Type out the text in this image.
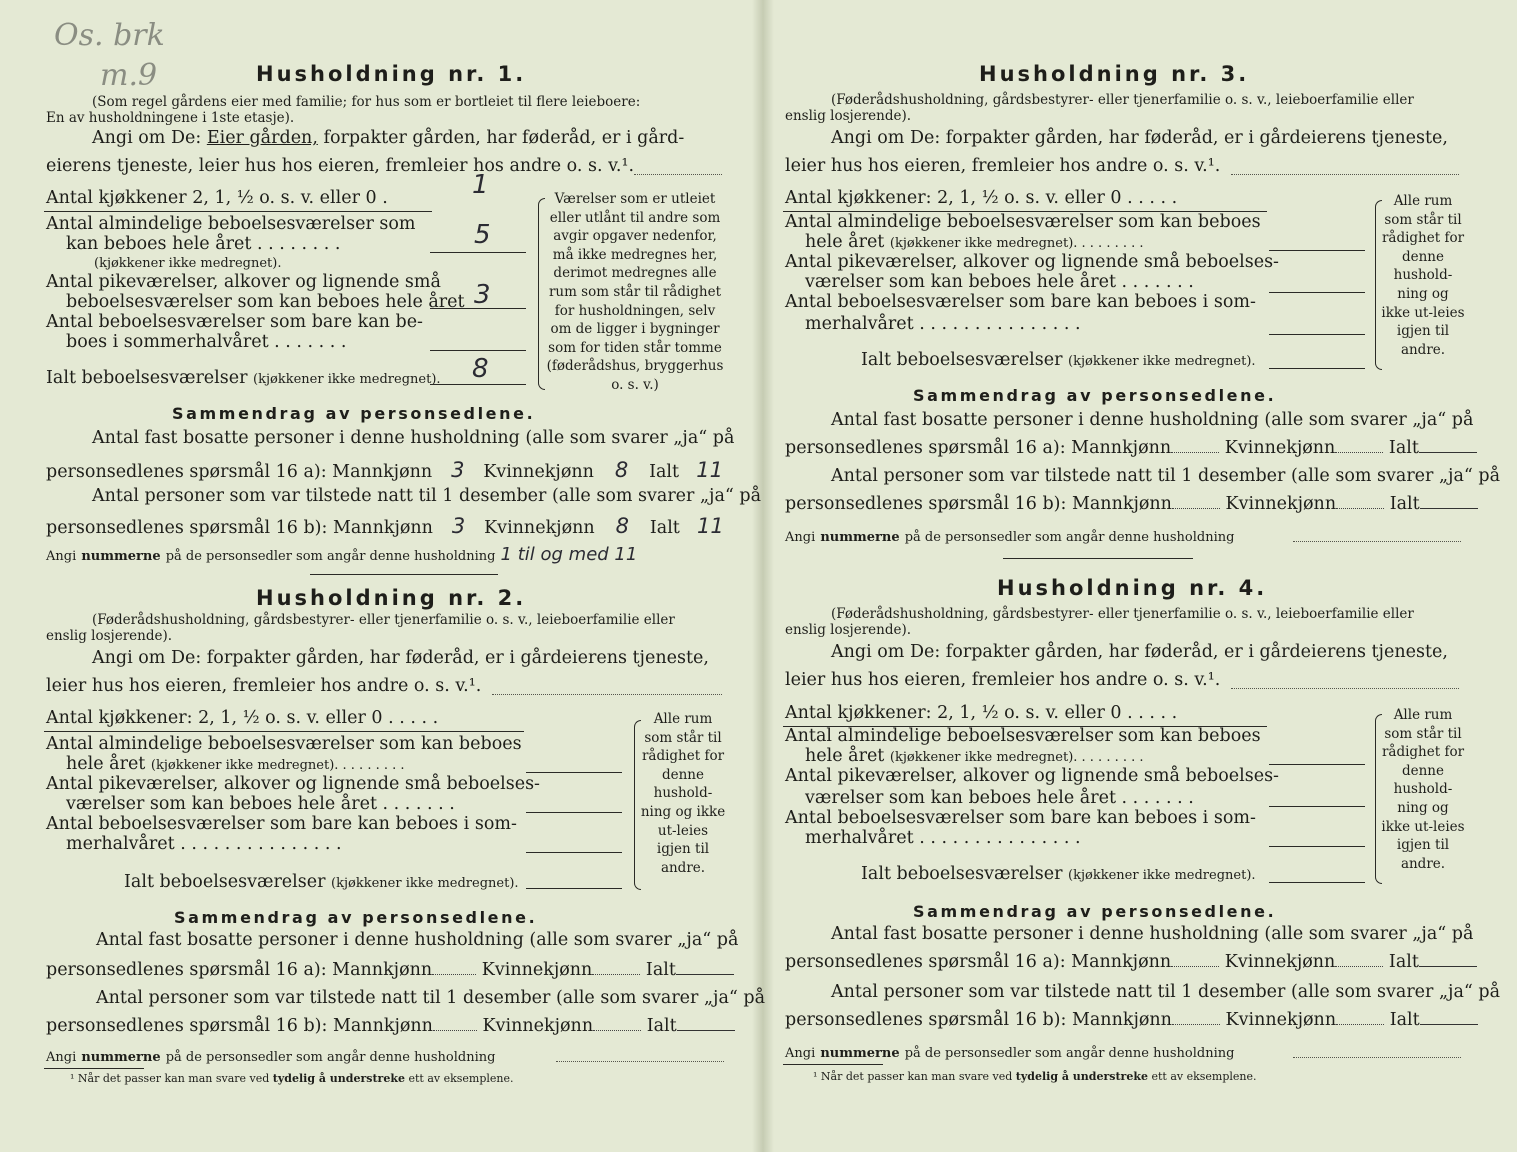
Os. brk
m.9	Husholdning nr. 1.
(Som regel gårdens eier med familie; for hus som er bortleiet til flere leieboere:
En av husholdningene i 1ste etasje).
Angi om De: Eier gården, forpakter gården, har føderåd, er i gård-
eierens tjeneste, leier hus hos eieren, fremleier hos andre o. s. v.¹.
Antal kjøkkener 2, 1, ½ o. s. v. eller 0 .	1
Antal almindelige beboelsesværelser som
kan beboes hele året . . . . . . . .	5
(kjøkkener ikke medregnet).
Antal pikeværelser, alkover og lignende små
beboelsesværelser som kan beboes hele året 3
Antal beboelsesværelser som bare kan be-
boes i sommerhalvåret . . . . . . .
Ialt beboelsesværelser (kjøkkener ikke medregnet). 8
Værelser som er utleiet eller utlånt til andre som avgir opgaver nedenfor, må ikke medregnes her, derimot medregnes alle rum som står til rådighet for husholdningen, selv om de ligger i bygninger som for tiden står tomme (føderådshus, bryggerhus o. s. v.)
Sammendrag av personsedlene.
Antal fast bosatte personer i denne husholdning (alle som svarer „ja“ på
personsedlenes spørsmål 16 a): Mannkjønn 3 Kvinnekjønn 8 Ialt 11
Antal personer som var tilstede natt til 1 desember (alle som svarer „ja“ på
personsedlenes spørsmål 16 b): Mannkjønn 3 Kvinnekjønn 8 Ialt 11
Angi nummerne på de personsedler som angår denne husholdning 1 til og med 11
Husholdning nr. 2.
(Føderådshusholdning, gårdsbestyrer- eller tjenerfamilie o. s. v., leieboerfamilie eller
enslig losjerende).
Angi om De: forpakter gården, har føderåd, er i gårdeierens tjeneste,
leier hus hos eieren, fremleier hos andre o. s. v.¹.
Antal kjøkkener: 2, 1, ½ o. s. v. eller 0 . . . . .
Antal almindelige beboelsesværelser som kan beboes
hele året (kjøkkener ikke medregnet). . . . . . . . .
Antal pikeværelser, alkover og lignende små beboelses-
værelser som kan beboes hele året . . . . . . .
Antal beboelsesværelser som bare kan beboes i som-
merhalvåret . . . . . . . . . . . . . . .
Ialt beboelsesværelser (kjøkkener ikke medregnet).
Alle rum som står til rådighet for denne hushold-ning og ikke ut-leies igjen til andre.
Sammendrag av personsedlene.
Antal fast bosatte personer i denne husholdning (alle som svarer „ja“ på
personsedlenes spørsmål 16 a): Mannkjønn	Kvinnekjønn	Ialt
Antal personer som var tilstede natt til 1 desember (alle som svarer „ja“ på
personsedlenes spørsmål 16 b): Mannkjønn	Kvinnekjønn	Ialt
Angi nummerne på de personsedler som angår denne husholdning
¹ Når det passer kan man svare ved tydelig å understreke ett av eksemplene.
Husholdning nr. 3.
(Føderådshusholdning, gårdsbestyrer- eller tjenerfamilie o. s. v., leieboerfamilie eller
enslig losjerende).
Angi om De: forpakter gården, har føderåd, er i gårdeierens tjeneste,
leier hus hos eieren, fremleier hos andre o. s. v.¹.
Antal kjøkkener: 2, 1, ½ o. s. v. eller 0 . . . . .
Antal almindelige beboelsesværelser som kan beboes
hele året (kjøkkener ikke medregnet). . . . . . . . .
Antal pikeværelser, alkover og lignende små beboelses-
værelser som kan beboes hele året . . . . . . .
Antal beboelsesværelser som bare kan beboes i som-
merhalvåret . . . . . . . . . . . . . . .
Ialt beboelsesværelser (kjøkkener ikke medregnet).
Alle rum som står til rådighet for denne hushold-ning og ikke ut-leies igjen til andre.
Sammendrag av personsedlene.
Antal fast bosatte personer i denne husholdning (alle som svarer „ja“ på
personsedlenes spørsmål 16 a): Mannkjønn	Kvinnekjønn	Ialt
Antal personer som var tilstede natt til 1 desember (alle som svarer „ja“ på
personsedlenes spørsmål 16 b): Mannkjønn	Kvinnekjønn	Ialt
Angi nummerne på de personsedler som angår denne husholdning
Husholdning nr. 4.
(Føderådshusholdning, gårdsbestyrer- eller tjenerfamilie o. s. v., leieboerfamilie eller
enslig losjerende).
Angi om De: forpakter gården, har føderåd, er i gårdeierens tjeneste,
leier hus hos eieren, fremleier hos andre o. s. v.¹.
Antal kjøkkener: 2, 1, ½ o. s. v. eller 0 . . . . .
Antal almindelige beboelsesværelser som kan beboes
hele året (kjøkkener ikke medregnet). . . . . . . . .
Antal pikeværelser, alkover og lignende små beboelses-
værelser som kan beboes hele året . . . . . . .
Antal beboelsesværelser som bare kan beboes i som-
merhalvåret . . . . . . . . . . . . . . .
Ialt beboelsesværelser (kjøkkener ikke medregnet).
Alle rum som står til rådighet for denne hushold-ning og ikke ut-leies igjen til andre.
Sammendrag av personsedlene.
Antal fast bosatte personer i denne husholdning (alle som svarer „ja“ på
personsedlenes spørsmål 16 a): Mannkjønn	Kvinnekjønn	Ialt
Antal personer som var tilstede natt til 1 desember (alle som svarer „ja“ på
personsedlenes spørsmål 16 b): Mannkjønn	Kvinnekjønn	Ialt
Angi nummerne på de personsedler som angår denne husholdning
¹ Når det passer kan man svare ved tydelig å understreke ett av eksemplene.
